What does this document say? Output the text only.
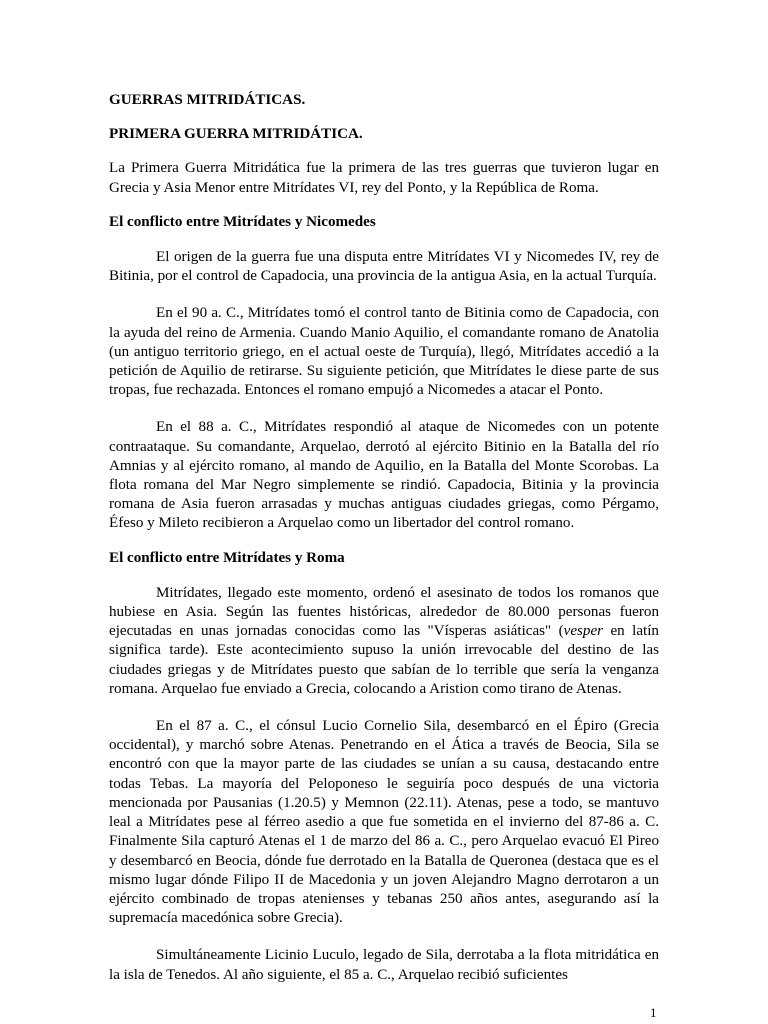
GUERRAS MITRIDÁTICAS.
PRIMERA GUERRA MITRIDÁTICA.

La Primera Guerra Mitridática fue la primera de las tres guerras que tuvieron lugar en Grecia y Asia Menor entre Mitrídates VI, rey del Ponto, y la República de Roma.

El conflicto entre Mitrídates y Nicomedes

El origen de la guerra fue una disputa entre Mitrídates VI y Nicomedes IV, rey de Bitinia, por el control de Capadocia, una provincia de la antigua Asia, en la actual Turquía.

En el 90 a. C., Mitrídates tomó el control tanto de Bitinia como de Capadocia, con la ayuda del reino de Armenia. Cuando Manio Aquilio, el comandante romano de Anatolia (un antiguo territorio griego, en el actual oeste de Turquía), llegó, Mitrídates accedió a la petición de Aquilio de retirarse. Su siguiente petición, que Mitrídates le diese parte de sus tropas, fue rechazada. Entonces el romano empujó a Nicomedes a atacar el Ponto.

En el 88 a. C., Mitrídates respondió al ataque de Nicomedes con un potente contraataque. Su comandante, Arquelao, derrotó al ejército Bitinio en la Batalla del río Amnias y al ejército romano, al mando de Aquilio, en la Batalla del Monte Scorobas. La flota romana del Mar Negro simplemente se rindió. Capadocia, Bitinia y la provincia romana de Asia fueron arrasadas y muchas antiguas ciudades griegas, como Pérgamo, Éfeso y Mileto recibieron a Arquelao como un libertador del control romano.

El conflicto entre Mitrídates y Roma

Mitrídates, llegado este momento, ordenó el asesinato de todos los romanos que hubiese en Asia. Según las fuentes históricas, alrededor de 80.000 personas fueron ejecutadas en unas jornadas conocidas como las "Vísperas asiáticas" (vesper en latín significa tarde). Este acontecimiento supuso la unión irrevocable del destino de las ciudades griegas y de Mitrídates puesto que sabían de lo terrible que sería la venganza romana. Arquelao fue enviado a Grecia, colocando a Aristion como tirano de Atenas.

En el 87 a. C., el cónsul Lucio Cornelio Sila, desembarcó en el Épiro (Grecia occidental), y marchó sobre Atenas. Penetrando en el Ática a través de Beocia, Sila se encontró con que la mayor parte de las ciudades se unían a su causa, destacando entre todas Tebas. La mayoría del Peloponeso le seguiría poco después de una victoria mencionada por Pausanias (1.20.5) y Memnon (22.11). Atenas, pese a todo, se mantuvo leal a Mitrídates pese al férreo asedio a que fue sometida en el invierno del 87-86 a. C. Finalmente Sila capturó Atenas el 1 de marzo del 86 a. C., pero Arquelao evacuó El Pireo y desembarcó en Beocia, dónde fue derrotado en la Batalla de Queronea (destaca que es el mismo lugar dónde Filipo II de Macedonia y un joven Alejandro Magno derrotaron a un ejército combinado de tropas atenienses y tebanas 250 años antes, asegurando así la supremacía macedónica sobre Grecia).

Simultáneamente Licinio Luculo, legado de Sila, derrotaba a la flota mitridática en la isla de Tenedos. Al año siguiente, el 85 a. C., Arquelao recibió suficientes

1
